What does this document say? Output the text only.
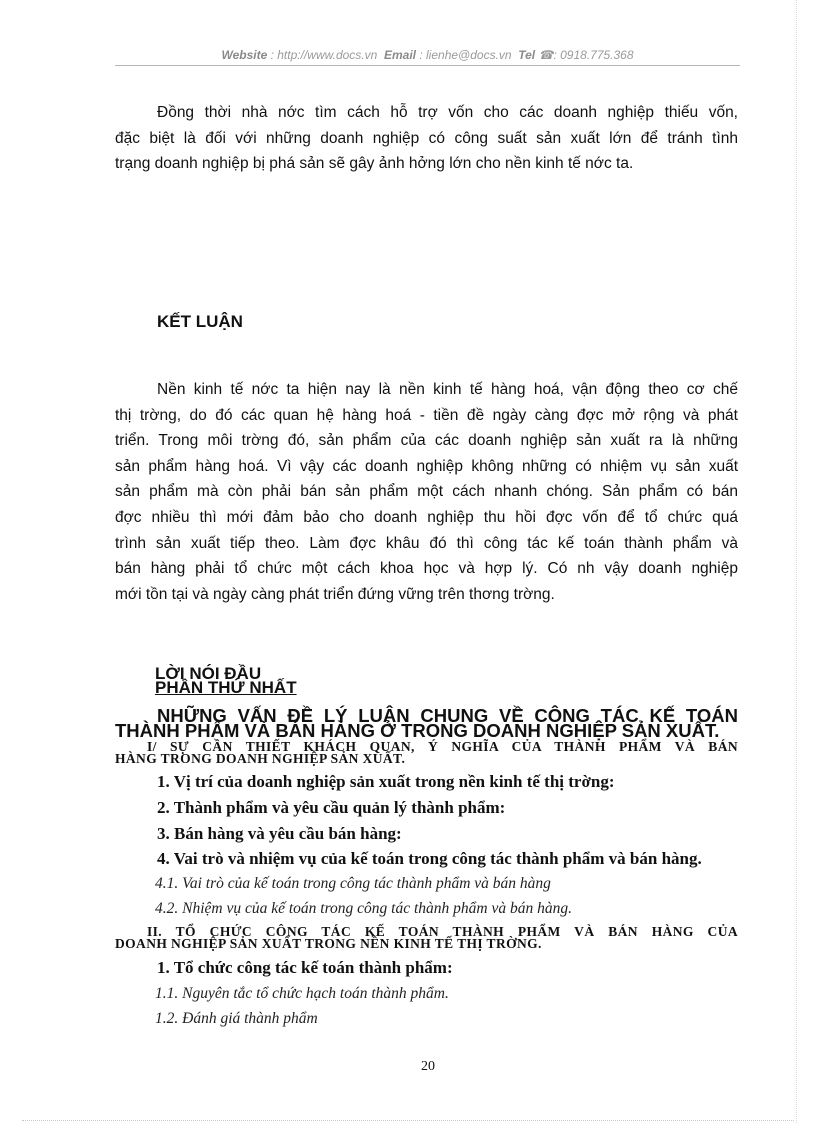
Website : http://www.docs.vn Email : lienhe@docs.vn Tel ☎: 0918.775.368
Đồng thời nhà nớc tìm cách hỗ trợ vốn cho các doanh nghiệp thiếu vốn,
đặc biệt là đối với những doanh nghiệp có công suất sản xuất lớn để tránh tình
trạng doanh nghiệp bị phá sản sẽ gây ảnh hởng lớn cho nền kinh tế nớc ta.
KẾT LUẬN
Nền kinh tế nớc ta hiện nay là nền kinh tế hàng hoá, vận động theo cơ chế
thị trờng, do đó các quan hệ hàng hoá - tiền đề ngày càng đợc mở rộng và phát
triển. Trong môi trờng đó, sản phẩm của các doanh nghiệp sản xuất ra là những
sản phẩm hàng hoá. Vì vậy các doanh nghiệp không những có nhiệm vụ sản xuất
sản phẩm mà còn phải bán sản phẩm một cách nhanh chóng. Sản phẩm có bán
đợc nhiều thì mới đảm bảo cho doanh nghiệp thu hồi đợc vốn để tổ chức quá
trình sản xuất tiếp theo. Làm đợc khâu đó thì công tác kế toán thành phẩm và
bán hàng phải tổ chức một cách khoa học và hợp lý. Có nh vậy doanh nghiệp
mới tồn tại và ngày càng phát triển đứng vững trên thơng trờng.
LỜI NÓI ĐẦU
PHẦN THỨ NHẤT
NHỮNG VẤN ĐỀ LÝ LUẬN CHUNG VỀ CÔNG TÁC KẾ TOÁN
THÀNH PHẨM VÀ BÁN HÀNG Ở TRONG DOANH NGHIỆP SẢN XUẤT.
I/ SỰ CẦN THIẾT KHÁCH QUAN, Ý NGHĨA CỦA THÀNH PHẨM VÀ BÁN
HÀNG TRONG DOANH NGHIỆP SẢN XUẤT.
1. Vị trí của doanh nghiệp sản xuất trong nền kinh tế thị trờng:
2. Thành phẩm và yêu cầu quản lý thành phẩm:
3. Bán hàng và yêu cầu bán hàng:
4. Vai trò và nhiệm vụ của kế toán trong công tác thành phẩm và bán hàng.
4.1. Vai trò của kế toán trong công tác thành phẩm và bán hàng
4.2. Nhiệm vụ của kế toán trong công tác thành phẩm và bán hàng.
II. TỔ CHỨC CÔNG TÁC KẾ TOÁN THÀNH PHẨM VÀ BÁN HÀNG CỦA
DOANH NGHIỆP SẢN XUẤT TRONG NỀN KINH TẾ THỊ TRỜNG.
1. Tổ chức công tác kế toán thành phẩm:
1.1. Nguyên tắc tổ chức hạch toán thành phẩm.
1.2. Đánh giá thành phẩm
20
